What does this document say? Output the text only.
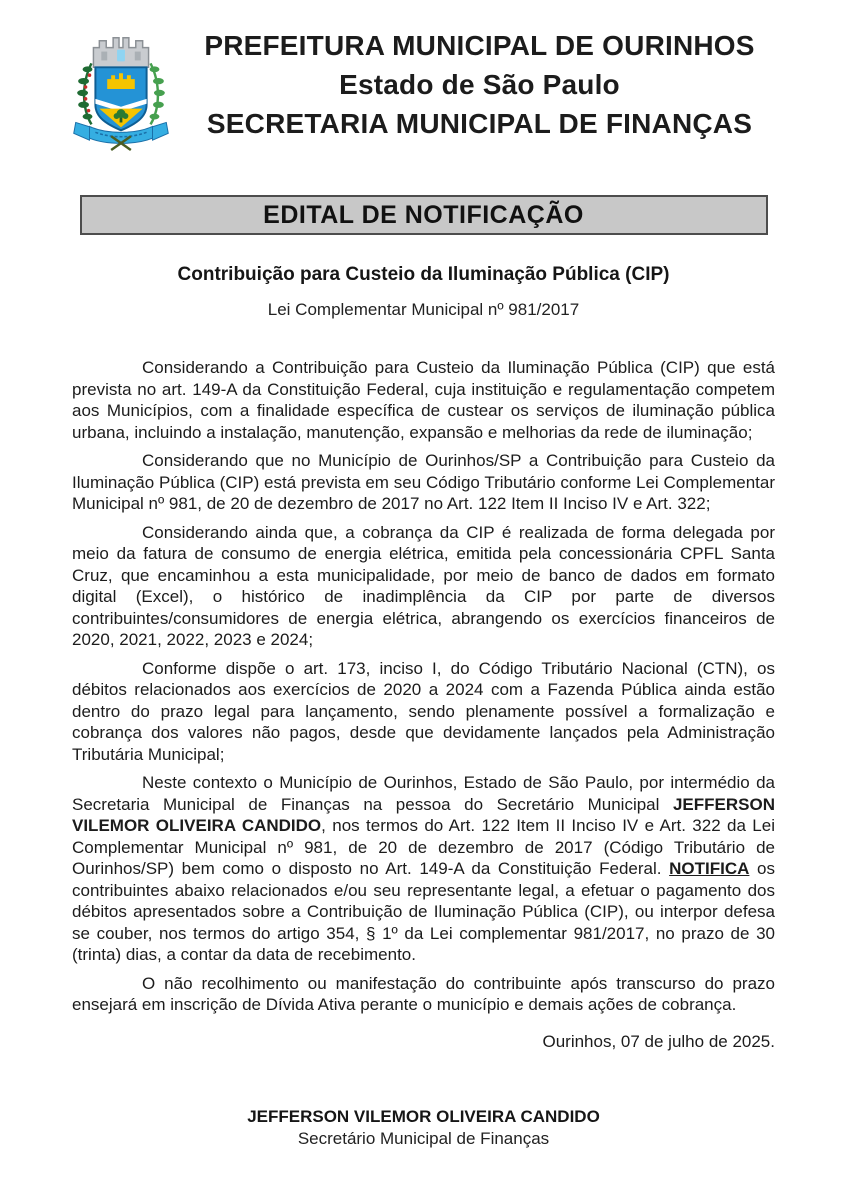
PREFEITURA MUNICIPAL DE OURINHOS
Estado de São Paulo
SECRETARIA MUNICIPAL DE FINANÇAS
EDITAL DE NOTIFICAÇÃO
Contribuição para Custeio da Iluminação Pública (CIP)
Lei Complementar Municipal nº 981/2017

Considerando a Contribuição para Custeio da Iluminação Pública (CIP) que está prevista no art. 149-A da Constituição Federal, cuja instituição e regulamentação competem aos Municípios, com a finalidade específica de custear os serviços de iluminação pública urbana, incluindo a instalação, manutenção, expansão e melhorias da rede de iluminação;

Considerando que no Município de Ourinhos/SP a Contribuição para Custeio da Iluminação Pública (CIP) está prevista em seu Código Tributário conforme Lei Complementar Municipal nº 981, de 20 de dezembro de 2017 no Art. 122 Item II Inciso IV e Art. 322;

Considerando ainda que, a cobrança da CIP é realizada de forma delegada por meio da fatura de consumo de energia elétrica, emitida pela concessionária CPFL Santa Cruz, que encaminhou a esta municipalidade, por meio de banco de dados em formato digital (Excel), o histórico de inadimplência da CIP por parte de diversos contribuintes/consumidores de energia elétrica, abrangendo os exercícios financeiros de 2020, 2021, 2022, 2023 e 2024;

Conforme dispõe o art. 173, inciso I, do Código Tributário Nacional (CTN), os débitos relacionados aos exercícios de 2020 a 2024 com a Fazenda Pública ainda estão dentro do prazo legal para lançamento, sendo plenamente possível a formalização e cobrança dos valores não pagos, desde que devidamente lançados pela Administração Tributária Municipal;

Neste contexto o Município de Ourinhos, Estado de São Paulo, por intermédio da Secretaria Municipal de Finanças na pessoa do Secretário Municipal JEFFERSON VILEMOR OLIVEIRA CANDIDO, nos termos do Art. 122 Item II Inciso IV e Art. 322 da Lei Complementar Municipal nº 981, de 20 de dezembro de 2017 (Código Tributário de Ourinhos/SP) bem como o disposto no Art. 149-A da Constituição Federal. NOTIFICA os contribuintes abaixo relacionados e/ou seu representante legal, a efetuar o pagamento dos débitos apresentados sobre a Contribuição de Iluminação Pública (CIP), ou interpor defesa se couber, nos termos do artigo 354, § 1º da Lei complementar 981/2017, no prazo de 30 (trinta) dias, a contar da data de recebimento.

O não recolhimento ou manifestação do contribuinte após transcurso do prazo ensejará em inscrição de Dívida Ativa perante o município e demais ações de cobrança.

Ourinhos, 07 de julho de 2025.
JEFFERSON VILEMOR OLIVEIRA CANDIDO
Secretário Municipal de Finanças
